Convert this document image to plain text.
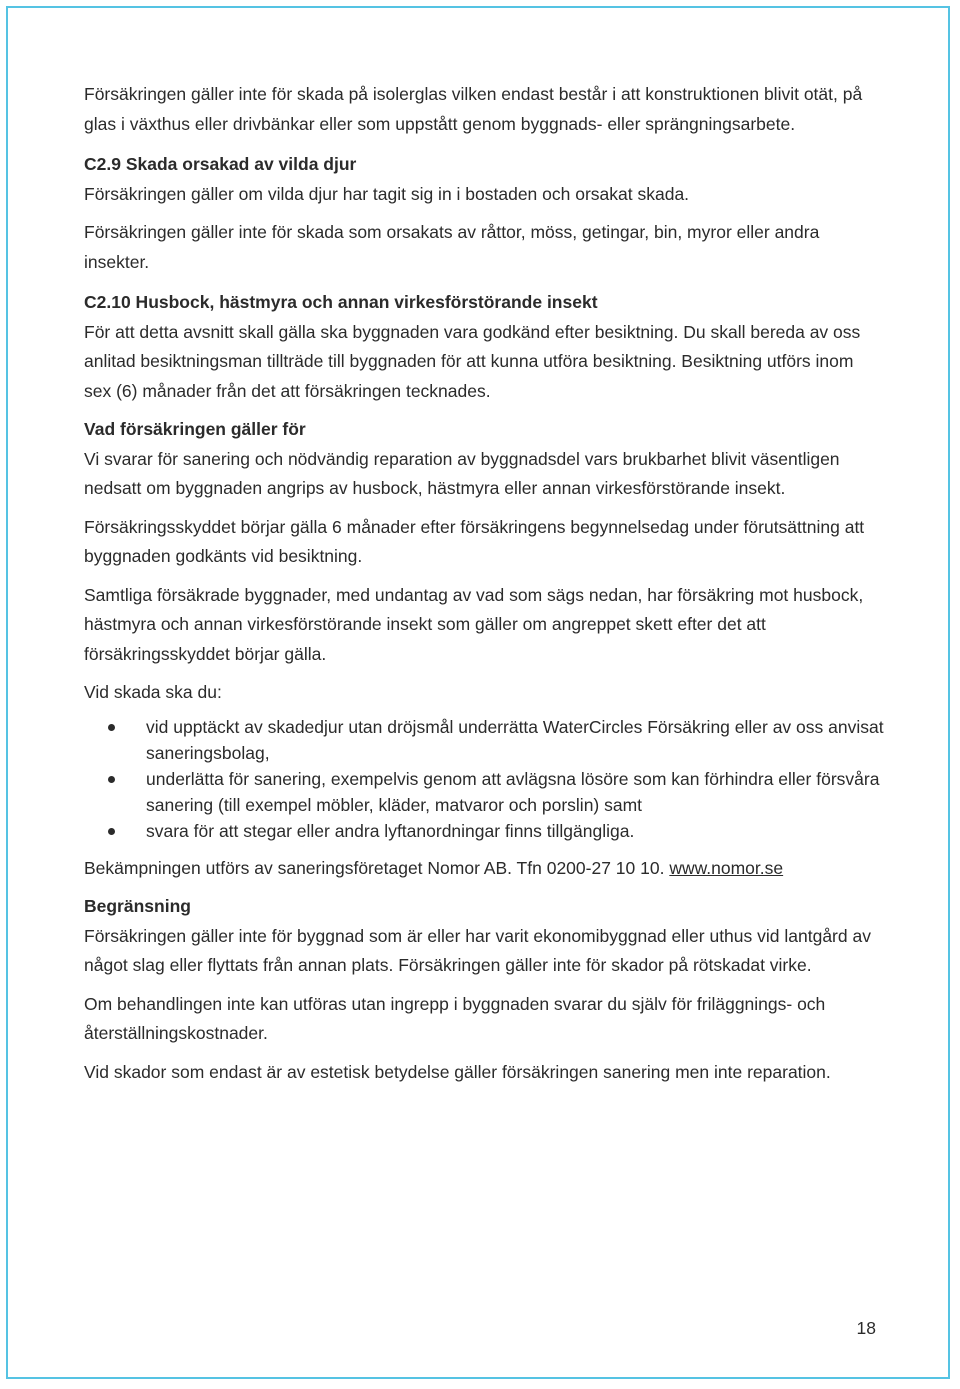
Försäkringen gäller inte för skada på isolerglas vilken endast består i att konstruktionen blivit otät, på glas i växthus eller drivbänkar eller som uppstått genom byggnads- eller sprängningsarbete.

C2.9 Skada orsakad av vilda djur

Försäkringen gäller om vilda djur har tagit sig in i bostaden och orsakat skada.

Försäkringen gäller inte för skada som orsakats av råttor, möss, getingar, bin, myror eller andra insekter.

C2.10 Husbock, hästmyra och annan virkesförstörande insekt

För att detta avsnitt skall gälla ska byggnaden vara godkänd efter besiktning. Du skall bereda av oss anlitad besiktningsman tillträde till byggnaden för att kunna utföra besiktning. Besiktning utförs inom sex (6) månader från det att försäkringen tecknades.

Vad försäkringen gäller för

Vi svarar för sanering och nödvändig reparation av byggnadsdel vars brukbarhet blivit väsentligen nedsatt om byggnaden angrips av husbock, hästmyra eller annan virkesförstörande insekt.

Försäkringsskyddet börjar gälla 6 månader efter försäkringens begynnelsedag under förutsättning att byggnaden godkänts vid besiktning.

Samtliga försäkrade byggnader, med undantag av vad som sägs nedan, har försäkring mot husbock, hästmyra och annan virkesförstörande insekt som gäller om angreppet skett efter det att försäkringsskyddet börjar gälla.

Vid skada ska du:

vid upptäckt av skadedjur utan dröjsmål underrätta WaterCircles Försäkring eller av oss anvisat saneringsbolag,
underlätta för sanering, exempelvis genom att avlägsna lösöre som kan förhindra eller försvåra sanering (till exempel möbler, kläder, matvaror och porslin) samt
svara för att stegar eller andra lyftanordningar finns tillgängliga.

Bekämpningen utförs av saneringsföretaget Nomor AB. Tfn 0200-27 10 10. www.nomor.se

Begränsning

Försäkringen gäller inte för byggnad som är eller har varit ekonomibyggnad eller uthus vid lantgård av något slag eller flyttats från annan plats. Försäkringen gäller inte för skador på rötskadat virke.

Om behandlingen inte kan utföras utan ingrepp i byggnaden svarar du själv för friläggnings- och återställningskostnader.

Vid skador som endast är av estetisk betydelse gäller försäkringen sanering men inte reparation.

18
